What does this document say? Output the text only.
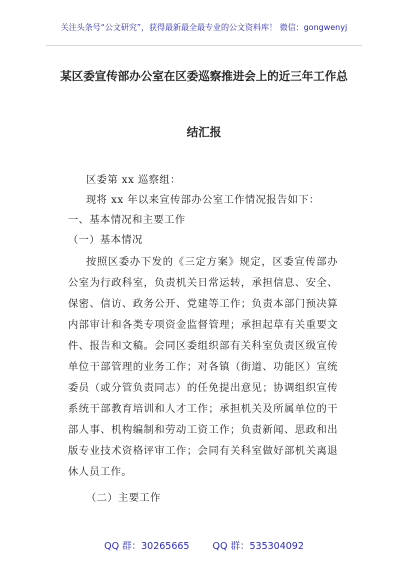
关注头条号“公文研究”，获得最新最全最专业的公文资料库！ 微信：gongwenyj
某区委宣传部办公室在区委巡察推进会上的近三年工作总
结汇报
区委第 xx 巡察组：
现将 xx 年以来宣传部办公室工作情况报告如下：
一、基本情况和主要工作
（一）基本情况
按照区委办下发的《三定方案》规定，区委宣传部办
公室为行政科室，负责机关日常运转，承担信息、安全、
保密、信访、政务公开、党建等工作；负责本部门预决算
内部审计和各类专项资金监督管理；承担起草有关重要文
件、报告和文稿。会同区委组织部有关科室负责区级宣传
单位干部管理的业务工作；对各镇（街道、功能区）宣统
委员（或分管负责同志）的任免提出意见；协调组织宣传
系统干部教育培训和人才工作；承担机关及所属单位的干
部人事、机构编制和劳动工资工作；负责新闻、思政和出
版专业技术资格评审工作；会同有关科室做好部机关离退
休人员工作。
（二）主要工作
QQ 群：30265665 QQ 群：535304092
